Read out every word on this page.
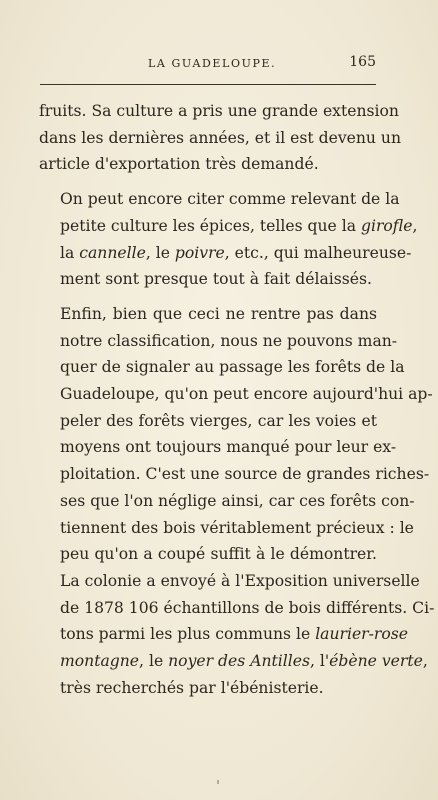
LA GUADELOUPE.	165

fruits. Sa culture a pris une grande extension
dans les dernières années, et il est devenu un
article d'exportation très demandé.

On peut encore citer comme relevant de la
petite culture les épices, telles que la girofle,
la cannelle, le poivre, etc., qui malheureuse-
ment sont presque tout à fait délaissés.

Enfin, bien que ceci ne rentre pas dans
notre classification, nous ne pouvons man-
quer de signaler au passage les forêts de la
Guadeloupe, qu'on peut encore aujourd'hui ap-
peler des forêts vierges, car les voies et
moyens ont toujours manqué pour leur ex-
ploitation. C'est une source de grandes riches-
ses que l'on néglige ainsi, car ces forêts con-
tiennent des bois véritablement précieux : le
peu qu'on a coupé suffit à le démontrer.
La colonie a envoyé à l'Exposition universelle
de 1878 106 échantillons de bois différents. Ci-
tons parmi les plus communs le laurier-rose
montagne, le noyer des Antilles, l'ébène verte,
très recherchés par l'ébénisterie.
